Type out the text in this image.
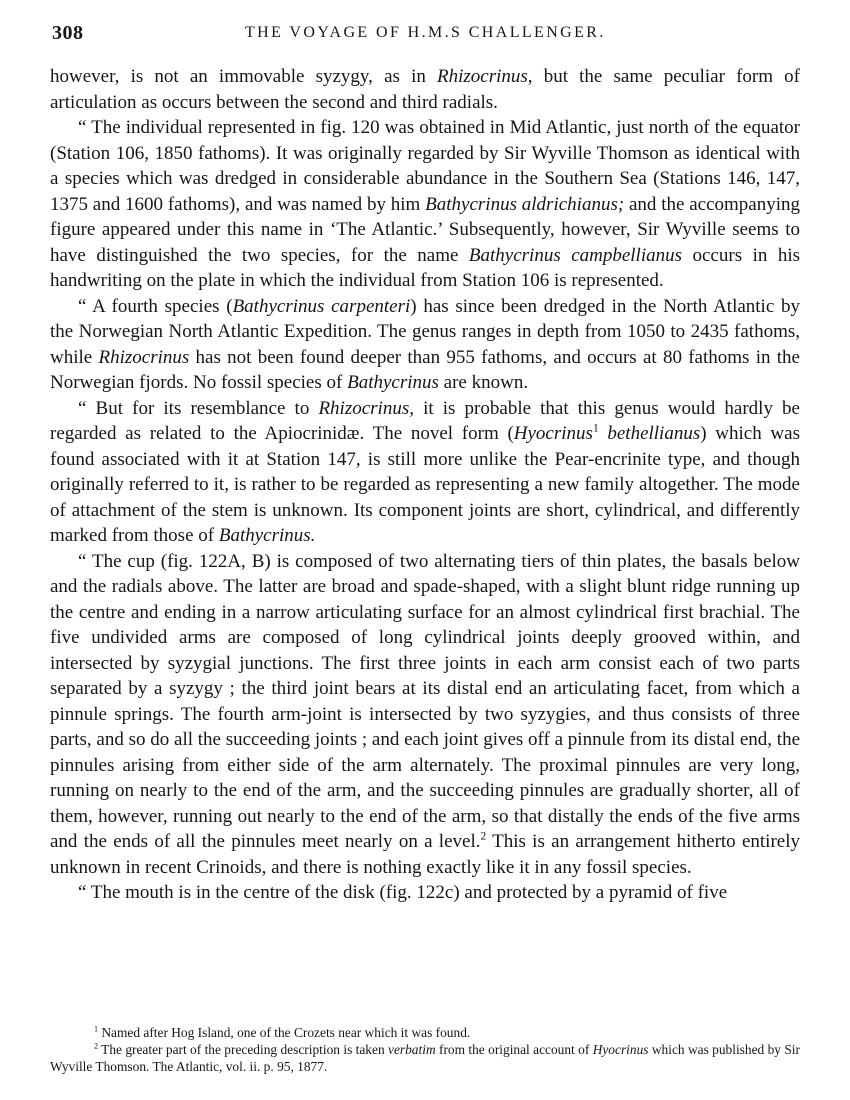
308	THE VOYAGE OF H.M.S CHALLENGER.

however, is not an immovable syzygy, as in Rhizocrinus, but the same peculiar form of articulation as occurs between the second and third radials.

“ The individual represented in fig. 120 was obtained in Mid Atlantic, just north of the equator (Station 106, 1850 fathoms). It was originally regarded by Sir Wyville Thomson as identical with a species which was dredged in considerable abundance in the Southern Sea (Stations 146, 147, 1375 and 1600 fathoms), and was named by him Bathycrinus aldrichianus; and the accompanying figure appeared under this name in ‘The Atlantic.’ Subsequently, however, Sir Wyville seems to have distinguished the two species, for the name Bathycrinus campbellianus occurs in his handwriting on the plate in which the individual from Station 106 is represented.

“ A fourth species (Bathycrinus carpenteri) has since been dredged in the North Atlantic by the Norwegian North Atlantic Expedition. The genus ranges in depth from 1050 to 2435 fathoms, while Rhizocrinus has not been found deeper than 955 fathoms, and occurs at 80 fathoms in the Norwegian fjords. No fossil species of Bathycrinus are known.

“ But for its resemblance to Rhizocrinus, it is probable that this genus would hardly be regarded as related to the Apiocrinidæ. The novel form (Hyocrinus$^1$ bethellianus) which was found associated with it at Station 147, is still more unlike the Pear-encrinite type, and though originally referred to it, is rather to be regarded as representing a new family altogether. The mode of attachment of the stem is unknown. Its component joints are short, cylindrical, and differently marked from those of Bathycrinus.

“ The cup (fig. 122A, B) is composed of two alternating tiers of thin plates, the basals below and the radials above. The latter are broad and spade-shaped, with a slight blunt ridge running up the centre and ending in a narrow articulating surface for an almost cylindrical first brachial. The five undivided arms are composed of long cylindrical joints deeply grooved within, and intersected by syzygial junctions. The first three joints in each arm consist each of two parts separated by a syzygy ; the third joint bears at its distal end an articulating facet, from which a pinnule springs. The fourth arm-joint is intersected by two syzygies, and thus consists of three parts, and so do all the succeeding joints ; and each joint gives off a pinnule from its distal end, the pinnules arising from either side of the arm alternately. The proximal pinnules are very long, running on nearly to the end of the arm, and the succeeding pinnules are gradually shorter, all of them, however, running out nearly to the end of the arm, so that distally the ends of the five arms and the ends of all the pinnules meet nearly on a level.$^2$ This is an arrangement hitherto entirely unknown in recent Crinoids, and there is nothing exactly like it in any fossil species.

“ The mouth is in the centre of the disk (fig. 122c) and protected by a pyramid of five

$^1$ Named after Hog Island, one of the Crozets near which it was found.

$^2$ The greater part of the preceding description is taken verbatim from the original account of Hyocrinus which was published by Sir Wyville Thomson. The Atlantic, vol. ii. p. 95, 1877.
